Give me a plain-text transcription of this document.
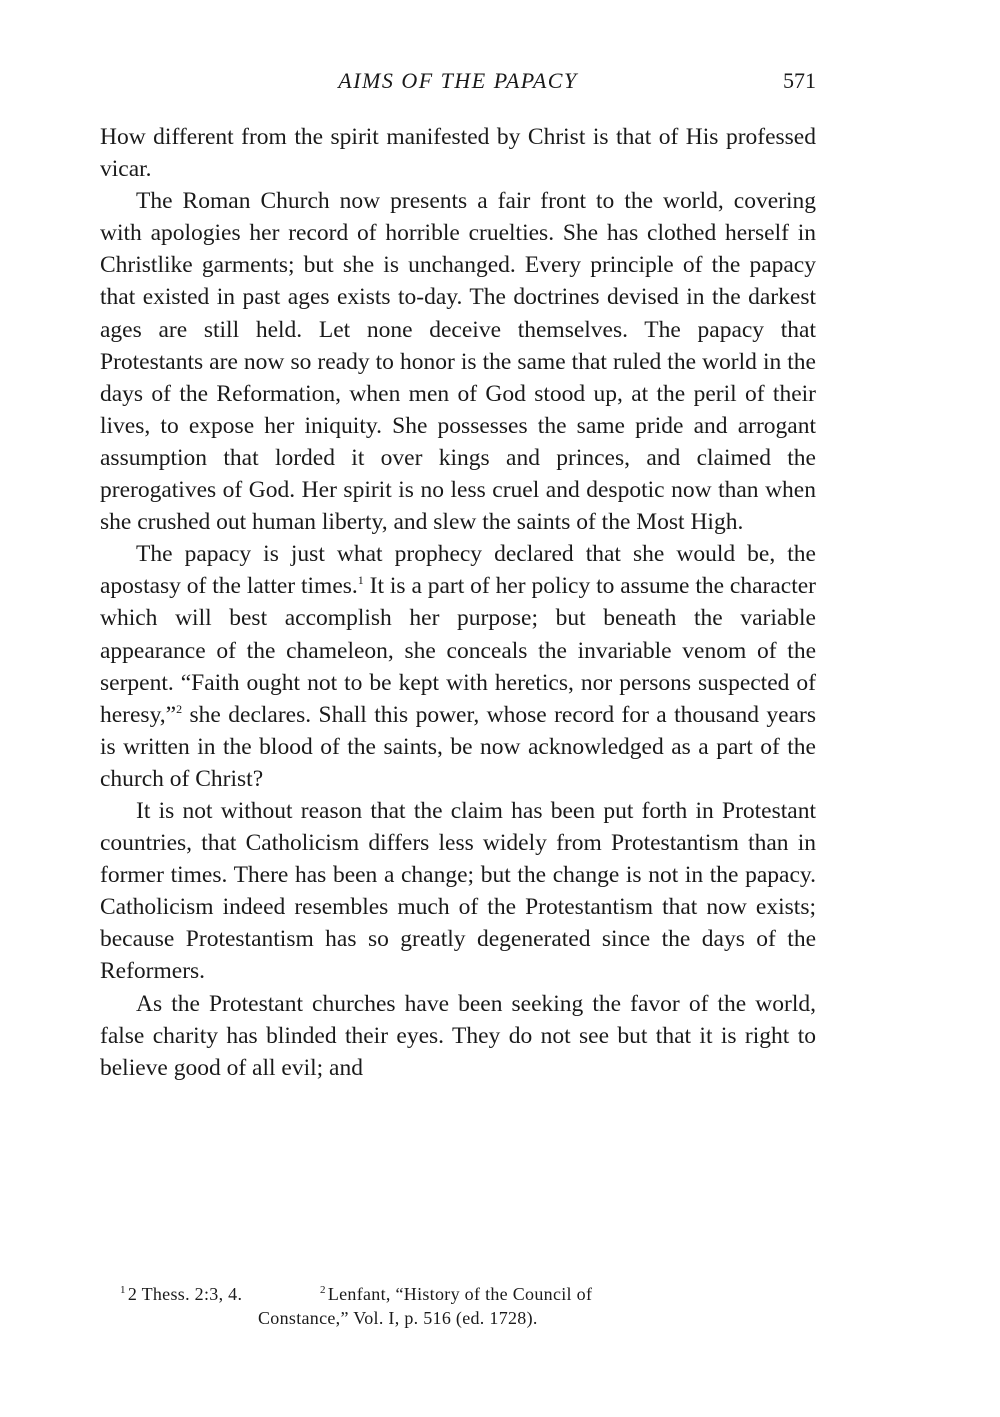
AIMS OF THE PAPACY	571

How different from the spirit manifested by Christ is that of His professed vicar.

The Roman Church now presents a fair front to the world, covering with apologies her record of horrible cruelties. She has clothed herself in Christlike garments; but she is unchanged. Every principle of the papacy that existed in past ages exists to-day. The doctrines devised in the darkest ages are still held. Let none deceive themselves. The papacy that Protestants are now so ready to honor is the same that ruled the world in the days of the Reformation, when men of God stood up, at the peril of their lives, to expose her iniquity. She possesses the same pride and arrogant assumption that lorded it over kings and princes, and claimed the prerogatives of God. Her spirit is no less cruel and despotic now than when she crushed out human liberty, and slew the saints of the Most High.

The papacy is just what prophecy declared that she would be, the apostasy of the latter times.$^1$ It is a part of her policy to assume the character which will best accomplish her purpose; but beneath the variable appearance of the chameleon, she conceals the invariable venom of the serpent. “Faith ought not to be kept with heretics, nor persons suspected of heresy,”$^2$ she declares. Shall this power, whose record for a thousand years is written in the blood of the saints, be now acknowledged as a part of the church of Christ?

It is not without reason that the claim has been put forth in Protestant countries, that Catholicism differs less widely from Protestantism than in former times. There has been a change; but the change is not in the papacy. Catholicism indeed resembles much of the Protestantism that now exists; because Protestantism has so greatly degenerated since the days of the Reformers.

As the Protestant churches have been seeking the favor of the world, false charity has blinded their eyes. They do not see but that it is right to believe good of all evil; and

$^1$ 2 Thess. 2:3, 4.	$^2$ Lenfant, “History of the Council of
Constance,” Vol. I, p. 516 (ed. 1728).
